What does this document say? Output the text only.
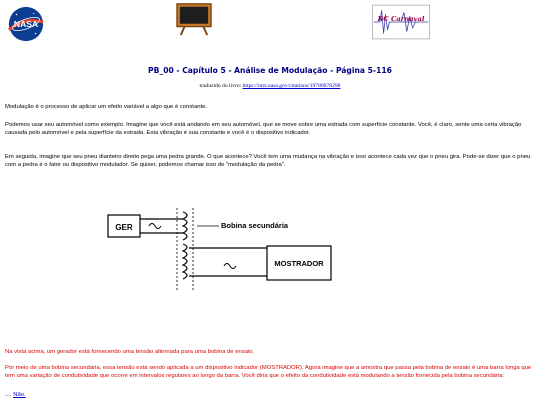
NASA	RC Carnaval
PB_00 - Capítulo 5 - Análise de Modulação - Página 5-116
traduzido do livro: https://ntrs.nasa.gov/citations/19780078298

Modulação é o processo de aplicar um efeito variável a algo que é constante.

Podemos usar seu automóvel como exemplo. Imagine que você está andando em seu automóvel, que se move sobre uma estrada com superfície constante. Você, é claro, sente uma certa vibração causada pelo automóvel e pela superfície da estrada. Esta vibração é sua constante e você é o dispositivo indicador.

Em seguida, imagine que seu pneu dianteiro direito pega uma pedra grande. O que acontece? Você tem uma mudança na vibração e isso acontece cada vez que o pneu gira. Pode-se dizer que o pneu com a pedra é o fator ou dispositivo modulador. Se quiser, podemos chamar isso de "modulação da pedra".

GER	Bobina secundária
MOSTRADOR

Na vista acima, um gerador está fornecendo uma tensão alternada para uma bobina de ensaio.

Por meio de uma bobina secundária, essa tensão está sendo aplicada a um dispositivo indicador (MOSTRADOR). Agora imagine que a amostra que passa pela bobina de ensaio é uma barra longa que tem uma variação de condutividade que ocorre em intervalos regulares ao longo da barra. Você diria que o efeito da condutividade está modulando a tensão fornecida pela bobina secundária:

.... Não.
